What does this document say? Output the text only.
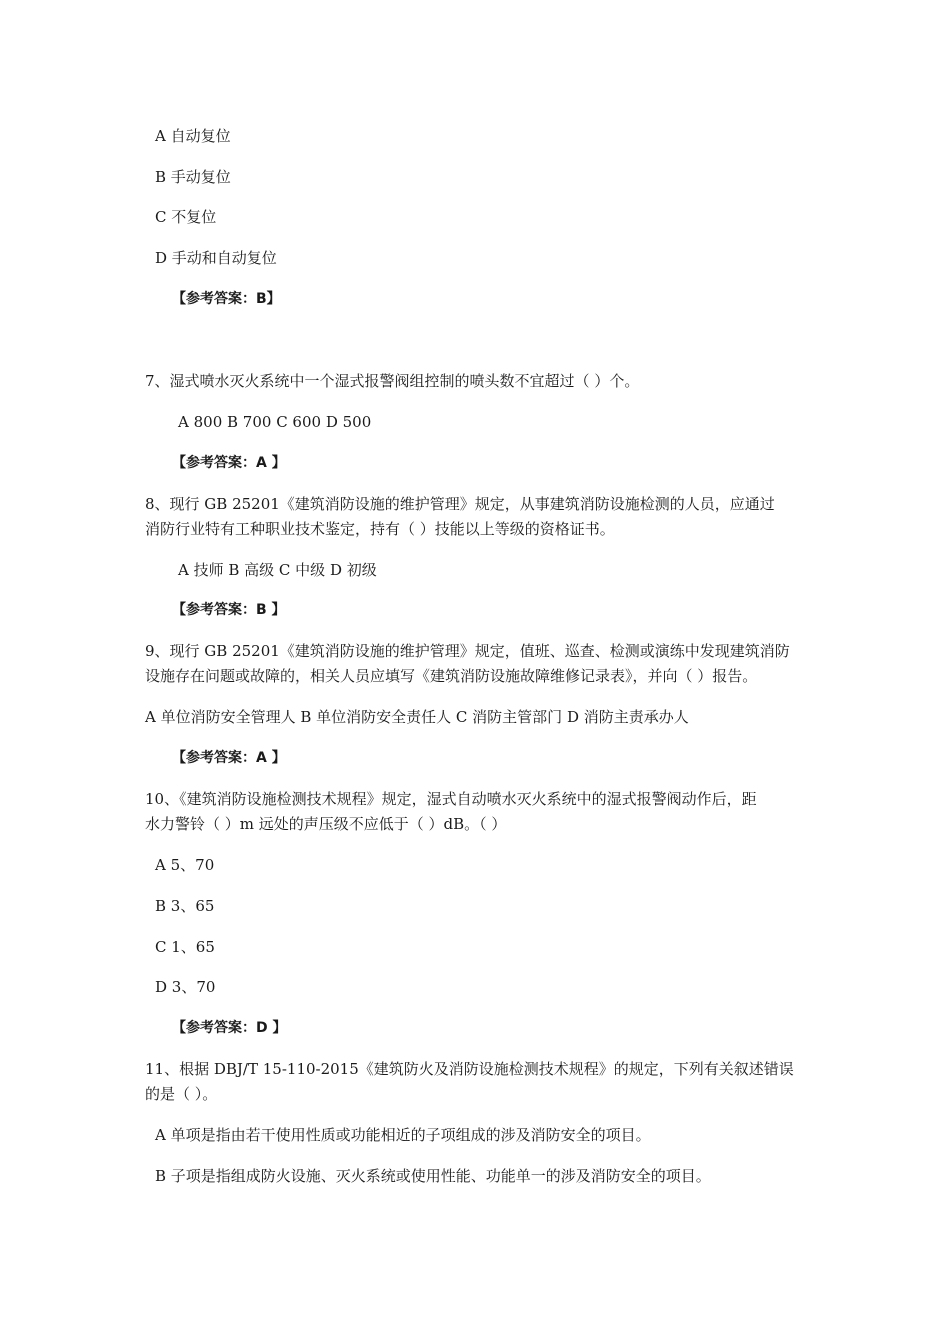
A 自动复位
B 手动复位
C 不复位
D 手动和自动复位
【参考答案：B】
7、湿式喷水灭火系统中一个湿式报警阀组控制的喷头数不宜超过（ ）个。
A 800 B 700 C 600 D 500
【参考答案：A 】
8、现行 GB 25201《建筑消防设施的维护管理》规定，从事建筑消防设施检测的人员，应通过
消防行业特有工种职业技术鉴定，持有（ ）技能以上等级的资格证书。
A 技师 B 高级 C 中级 D 初级
【参考答案：B 】
9、现行 GB 25201《建筑消防设施的维护管理》规定，值班、巡查、检测或演练中发现建筑消防
设施存在问题或故障的，相关人员应填写《建筑消防设施故障维修记录表》，并向（ ）报告。
A 单位消防安全管理人 B 单位消防安全责任人 C 消防主管部门 D 消防主责承办人
【参考答案：A 】
10、《建筑消防设施检测技术规程》规定，湿式自动喷水灭火系统中的湿式报警阀动作后，距
水力警铃（ ）m 远处的声压级不应低于（ ）dB。（ ）
A 5、70
B 3、65
C 1、65
D 3、70
【参考答案：D 】
11、根据 DBJ/T 15-110-2015《建筑防火及消防设施检测技术规程》的规定，下列有关叙述错误
的是（ ）。
A 单项是指由若干使用性质或功能相近的子项组成的涉及消防安全的项目。
B 子项是指组成防火设施、灭火系统或使用性能、功能单一的涉及消防安全的项目。
